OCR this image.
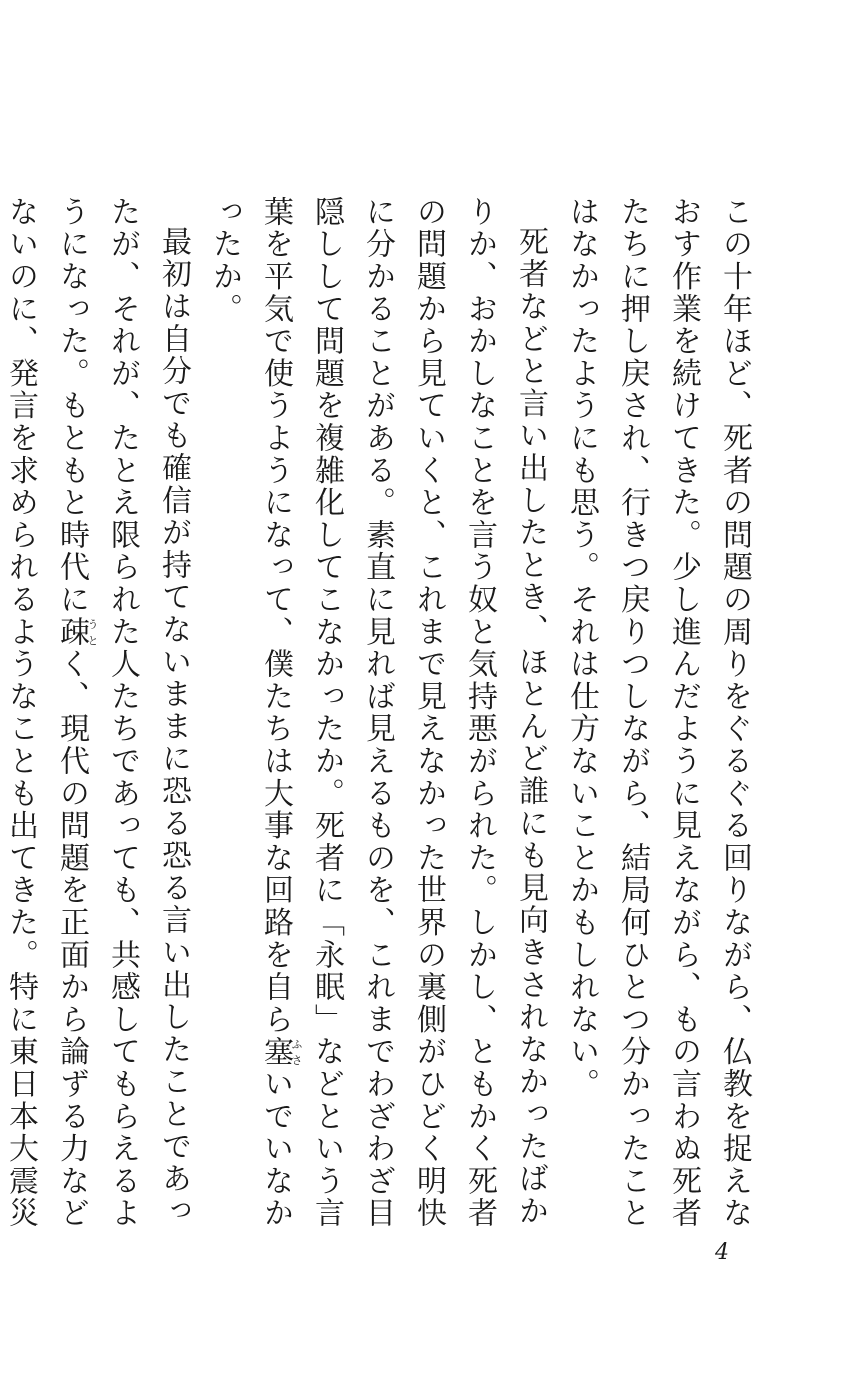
この十年ほど、死者の問題の周りをぐるぐる回りながら、仏教を捉えなおす作業を続けてきた。少し進んだように見えながら、もの言わぬ死者たちに押し戻され、行きつ戻りつしながら、結局何ひとつ分かったことはなかったようにも思う。それは仕方ないことかもしれない。

死者などと言い出したとき、ほとんど誰にも見向きされなかったばかりか、おかしなことを言う奴と気持悪がられた。しかし、ともかく死者の問題から見ていくと、これまで見えなかった世界の裏側がひどく明快に分かることがある。素直に見れば見えるものを、これまでわざわざ目隠しして問題を複雑化してこなかったか。死者に「永眠」などという言葉を平気で使うようになって、僕たちは大事な回路を自ら塞ふさいでいなかったか。

最初は自分でも確信が持てないままに恐る恐る言い出したことであったが、それが、たとえ限られた人たちであっても、共感してもらえるようになった。もともと時代に疎うとく、現代の問題を正面から論ずる力などないのに、発言を求められるようなことも出てきた。特に東日本大震災

4
